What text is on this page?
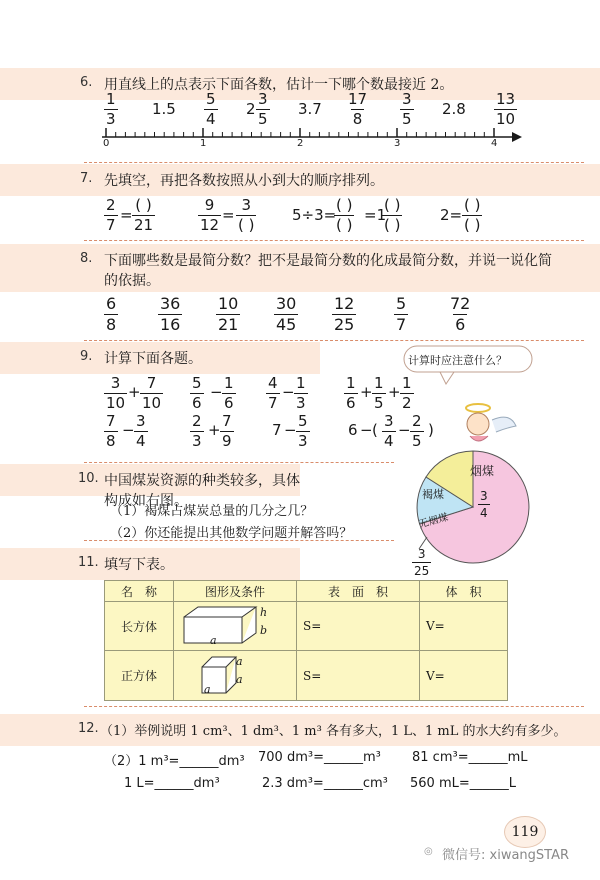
6. 用直线上的点表示下面各数，估计一下哪个数最接近 2。
$\frac{1}{3} 1.5 \frac{5}{4} 2 \frac{3}{5} 3.7 \frac{17}{8} \frac{3}{5} 2.8 \frac{13}{10}$
0	1	2	3	4
7. 先填空，再把各数按照从小到大的顺序排列。
$\frac{2}{7}$ =
( )
21	$\frac{9}{12}$ =
3
( )
5÷3=
( )
( )
=1
( )
( )
2=
( )
( )
8. 下面哪些数是最简分数？把不是最简分数的化成最简分数，并说一说化简
的依据。
$\frac{6}{8} \frac{36}{16} \frac{10}{21} \frac{30}{45} \frac{12}{25} \frac{5}{7} \frac{72}{6}$
9. 计算下面各题。	计算时应注意什么？
$\frac{3}{10} + \frac{7}{10} \frac{5}{6} - \frac{1}{6} \frac{4}{7} - \frac{1}{3} \frac{1}{6} + \frac{1}{5} + \frac{1}{2}$
$\frac{7}{8} - \frac{3}{4}$	$\frac{2}{3} + \frac{7}{9}$	$7 - \frac{5}{3}$	6 − ( $\frac{3}{4} - \frac{2}{5}$ )
10. 中国煤炭资源的种类较多，具体构成如右图。
（1）褐煤占煤炭总量的几分之几？
（2）你还能提出其他数学问题并解答吗？
烟煤
$\frac{3}{4}$
褐煤
无烟煤
$\frac{3}{25}$
11. 填写下表。
名　称	图形及条件	表　面　积	体　积
长方体	h
b
a	S=	V=
正方体	a
a
a	S=	V=
12. （1）举例说明 1 cm³、1 dm³、1 m³ 各有多大，1 L、1 mL 的水大约有多少。
（2）1 m³=______dm³ 700 dm³=______m³ 81 cm³=______mL
1 L=______dm³	2.3 dm³=______cm³ 560 mL=______L
119
◎ 微信号: xiwangSTAR
